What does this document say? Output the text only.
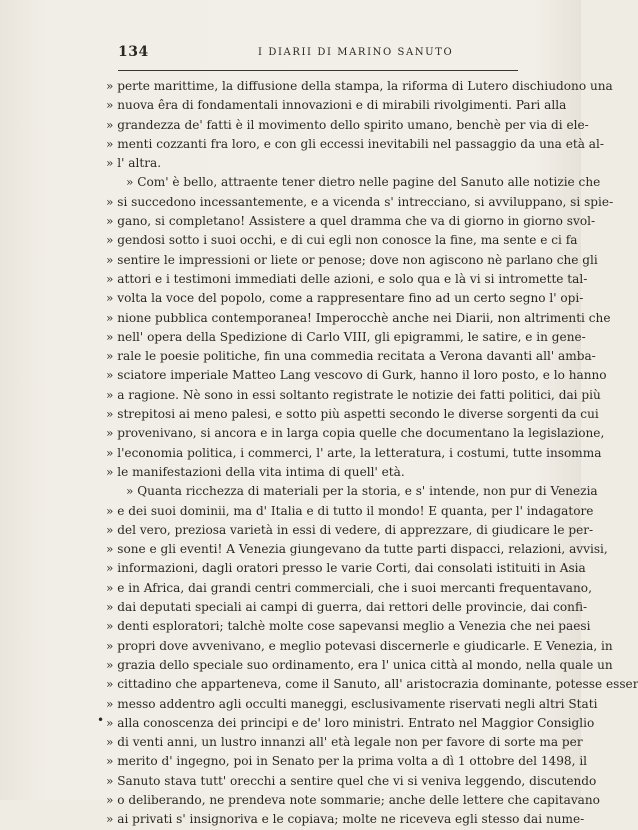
134	I DIARII DI MARINO SANUTO
» perte marittime, la diffusione della stampa, la riforma di Lutero dischiudono una
» nuova êra di fondamentali innovazioni e di mirabili rivolgimenti. Pari alla
» grandezza de' fatti è il movimento dello spirito umano, benchè per via di ele-
» menti cozzanti fra loro, e con gli eccessi inevitabili nel passaggio da una età al-
» l' altra.
» Com' è bello, attraente tener dietro nelle pagine del Sanuto alle notizie che
» si succedono incessantemente, e a vicenda s' intrecciano, si avviluppano, si spie-
» gano, si completano! Assistere a quel dramma che va di giorno in giorno svol-
» gendosi sotto i suoi occhi, e di cui egli non conosce la fine, ma sente e ci fa
» sentire le impressioni or liete or penose; dove non agiscono nè parlano che gli
» attori e i testimoni immediati delle azioni, e solo qua e là vi si intromette tal-
» volta la voce del popolo, come a rappresentare fino ad un certo segno l' opi-
» nione pubblica contemporanea! Imperocchè anche nei Diarii, non altrimenti che
» nell' opera della Spedizione di Carlo VIII, gli epigrammi, le satire, e in gene-
» rale le poesie politiche, fin una commedia recitata a Verona davanti all' amba-
» sciatore imperiale Matteo Lang vescovo di Gurk, hanno il loro posto, e lo hanno
» a ragione. Nè sono in essi soltanto registrate le notizie dei fatti politici, dai più
» strepitosi ai meno palesi, e sotto più aspetti secondo le diverse sorgenti da cui
» provenivano, si ancora e in larga copia quelle che documentano la legislazione,
» l'economia politica, i commerci, l' arte, la letteratura, i costumi, tutte insomma
» le manifestazioni della vita intima di quell' età.
» Quanta ricchezza di materiali per la storia, e s' intende, non pur di Venezia
» e dei suoi dominii, ma d' Italia e di tutto il mondo! E quanta, per l' indagatore
» del vero, preziosa varietà in essi di vedere, di apprezzare, di giudicare le per-
» sone e gli eventi! A Venezia giungevano da tutte parti dispacci, relazioni, avvisi,
» informazioni, dagli oratori presso le varie Corti, dai consolati istituiti in Asia
» e in Africa, dai grandi centri commerciali, che i suoi mercanti frequentavano,
» dai deputati speciali ai campi di guerra, dai rettori delle provincie, dai confi-
» denti esploratori; talchè molte cose sapevansi meglio a Venezia che nei paesi
» propri dove avvenivano, e meglio potevasi discernerle e giudicarle. E Venezia, in
» grazia dello speciale suo ordinamento, era l' unica città al mondo, nella quale un
» cittadino che apparteneva, come il Sanuto, all' aristocrazia dominante, potesse esser
» messo addentro agli occulti maneggi, esclusivamente riservati negli altri Stati
» alla conoscenza dei principi e de' loro ministri. Entrato nel Maggior Consiglio
» di venti anni, un lustro innanzi all' età legale non per favore di sorte ma per
» merito d' ingegno, poi in Senato per la prima volta a dì 1 ottobre del 1498, il
» Sanuto stava tutt' orecchi a sentire quel che vi si veniva leggendo, discutendo
» o deliberando, ne prendeva note sommarie; anche delle lettere che capitavano
» ai privati s' insignoriva e le copiava; molte ne riceveva egli stesso dai nume-
•
